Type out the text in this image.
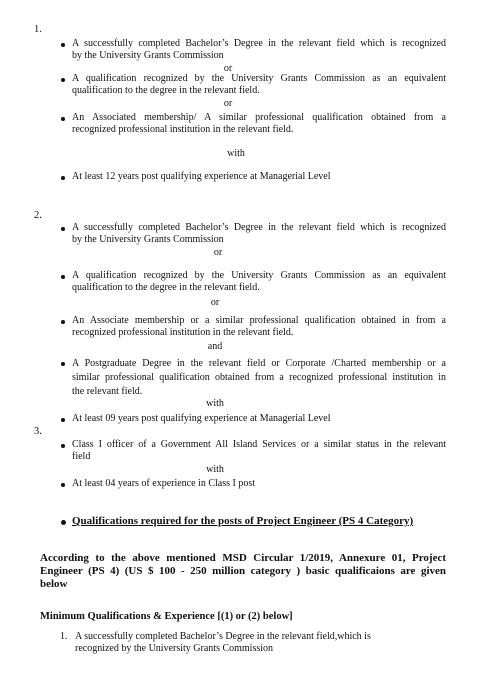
1.
A successfully completed Bachelor’s Degree in the relevant field which is recognized
by the University Grants Commission
or
A qualification recognized by the University Grants Commission as an equivalent
qualification to the degree in the relevant field.
or
An Associated membership/ A similar professional qualification obtained from a
recognized professional institution in the relevant field.
with
At least 12 years post qualifying experience at Managerial Level
2.
A successfully completed Bachelor’s Degree in the relevant field which is recognized
by the University Grants Commission
or
A qualification recognized by the University Grants Commission as an equivalent
qualification to the degree in the relevant field.
or
An Associate membership or a similar professional qualification obtained in from a
recognized professional institution in the relevant field.
and
A Postgraduate Degree in the relevant field or Corporate /Charted membership or a
similar professional qualification obtained from a recognized professional institution in
the relevant field.
with
At least 09 years post qualifying experience at Managerial Level
3.
Class I officer of a Government All Island Services or a similar status in the relevant
field
with
At least 04 years of experience in Class I post
Qualifications required for the posts of Project Engineer (PS 4 Category)
According to the above mentioned MSD Circular 1/2019, Annexure 01, Project
Engineer (PS 4) (US $ 100 - 250 million category ) basic qualificaions are given
below
Minimum Qualifications & Experience [(1) or (2) below]
1. A successfully completed Bachelor’s Degree in the relevant field,which is
recognized by the University Grants Commission
